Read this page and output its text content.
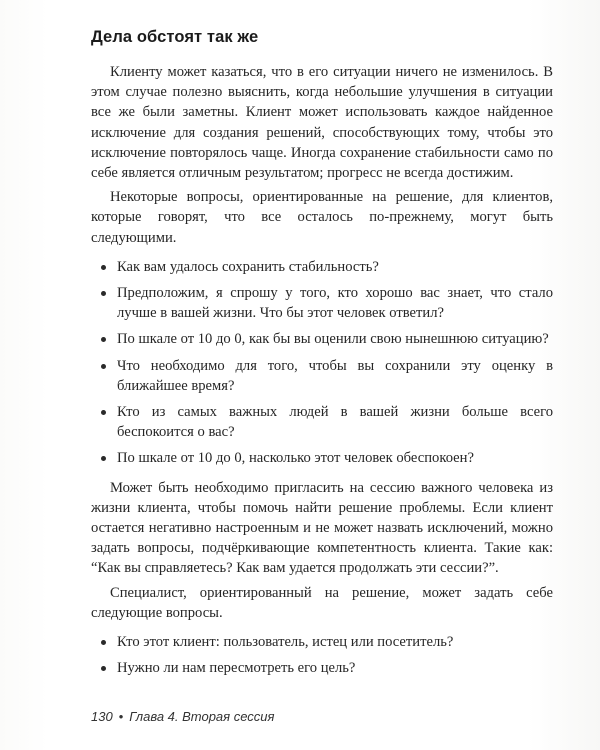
Дела обстоят так же

Клиенту может казаться, что в его ситуации ничего не изменилось. В этом случае полезно выяснить, когда небольшие улучшения в ситуации все же были заметны. Клиент может использовать каждое найденное исключение для создания решений, способствующих тому, чтобы это исключение повторялось чаще. Иногда сохранение стабильности само по себе является отличным результатом; прогресс не всегда достижим.

Некоторые вопросы, ориентированные на решение, для клиентов, которые говорят, что все осталось по-прежнему, могут быть следующими.

Как вам удалось сохранить стабильность?
Предположим, я спрошу у того, кто хорошо вас знает, что стало лучше в вашей жизни. Что бы этот человек ответил?
По шкале от 10 до 0, как бы вы оценили свою нынешнюю ситуацию?
Что необходимо для того, чтобы вы сохранили эту оценку в ближайшее время?
Кто из самых важных людей в вашей жизни больше всего беспокоится о вас?
По шкале от 10 до 0, насколько этот человек обеспокоен?

Может быть необходимо пригласить на сессию важного человека из жизни клиента, чтобы помочь найти решение проблемы. Если клиент остается негативно настроенным и не может назвать исключений, можно задать вопросы, подчёркивающие компетентность клиента. Такие как: “Как вы справляетесь? Как вам удается продолжать эти сессии?”.

Специалист, ориентированный на решение, может задать себе следующие вопросы.

Кто этот клиент: пользователь, истец или посетитель?
Нужно ли нам пересмотреть его цель?
130 • Глава 4. Вторая сессия
